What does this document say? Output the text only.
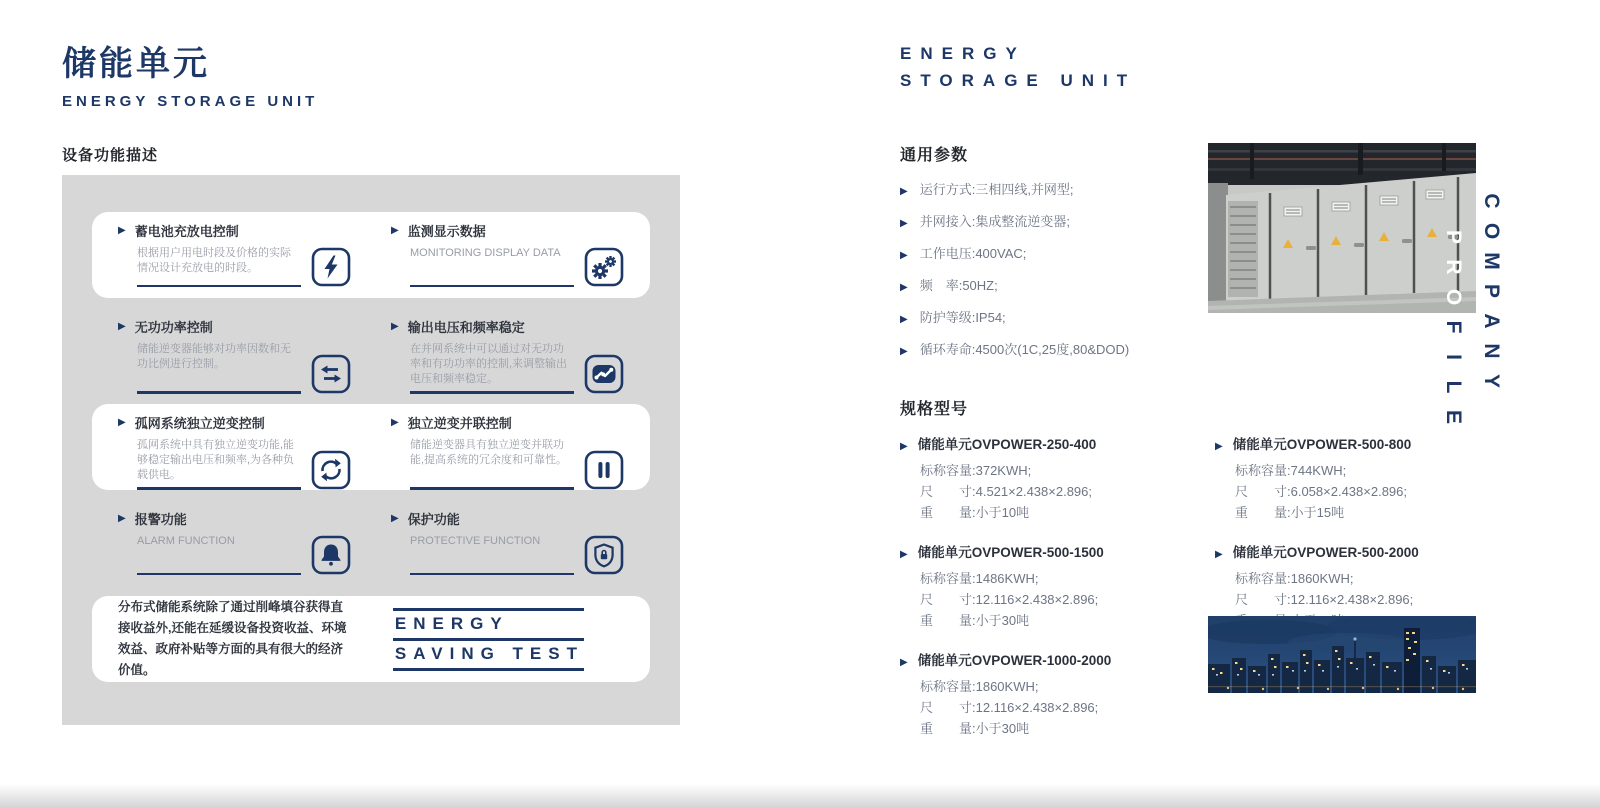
储能单元
ENERGY STORAGE UNIT
设备功能描述
▶ 蓄电池充放电控制

根据用户用电时段及价格的实际情况设计充放电的时段。

▶ 监测显示数据

MONITORING DISPLAY DATA

▶ 无功功率控制

储能逆变器能够对功率因数和无功比例进行控制。

▶ 输出电压和频率稳定

在并网系统中可以通过对无功功率和有功功率的控制,来调整输出电压和频率稳定。

▶ 孤网系统独立逆变控制

孤网系统中具有独立逆变功能,能够稳定输出电压和频率,为各种负载供电。

▶ 独立逆变并联控制

储能逆变器具有独立逆变并联功能,提高系统的冗余度和可靠性。

▶ 报警功能

ALARM FUNCTION

▶ 保护功能

PROTECTIVE FUNCTION

分布式储能系统除了通过削峰填谷获得直接收益外,还能在延缓设备投资收益、环境效益、政府补贴等方面的具有很大的经济价值。

ENERGY
SAVING TEST
ENERGY
STORAGE UNIT
通用参数
▶ 运行方式:三相四线,并网型;
▶ 并网接入:集成整流逆变器;
▶ 工作电压:400VAC;
▶ 频　率:50HZ;
▶ 防护等级:IP54;
▶ 循环寿命:4500次(1C,25度,80&DOD)
规格型号
▶ 储能单元OVPOWER-250-400
标称容量:372KWH;
尺　　寸:4.521×2.438×2.896;
重　　量:小于10吨
▶ 储能单元OVPOWER-500-800
标称容量:744KWH;
尺　　寸:6.058×2.438×2.896;
重　　量:小于15吨
▶ 储能单元OVPOWER-500-1500
标称容量:1486KWH;
尺　　寸:12.116×2.438×2.896;
重　　量:小于30吨
▶ 储能单元OVPOWER-500-2000
标称容量:1860KWH;
尺　　寸:12.116×2.438×2.896;
▶ 储能单元OVPOWER-1000-2000
标称容量:1860KWH;
尺　　寸:12.116×2.438×2.896;
重　　量:小于30吨
C
O
M
P
A
N
Y
P
R
O
F
I
L
E
